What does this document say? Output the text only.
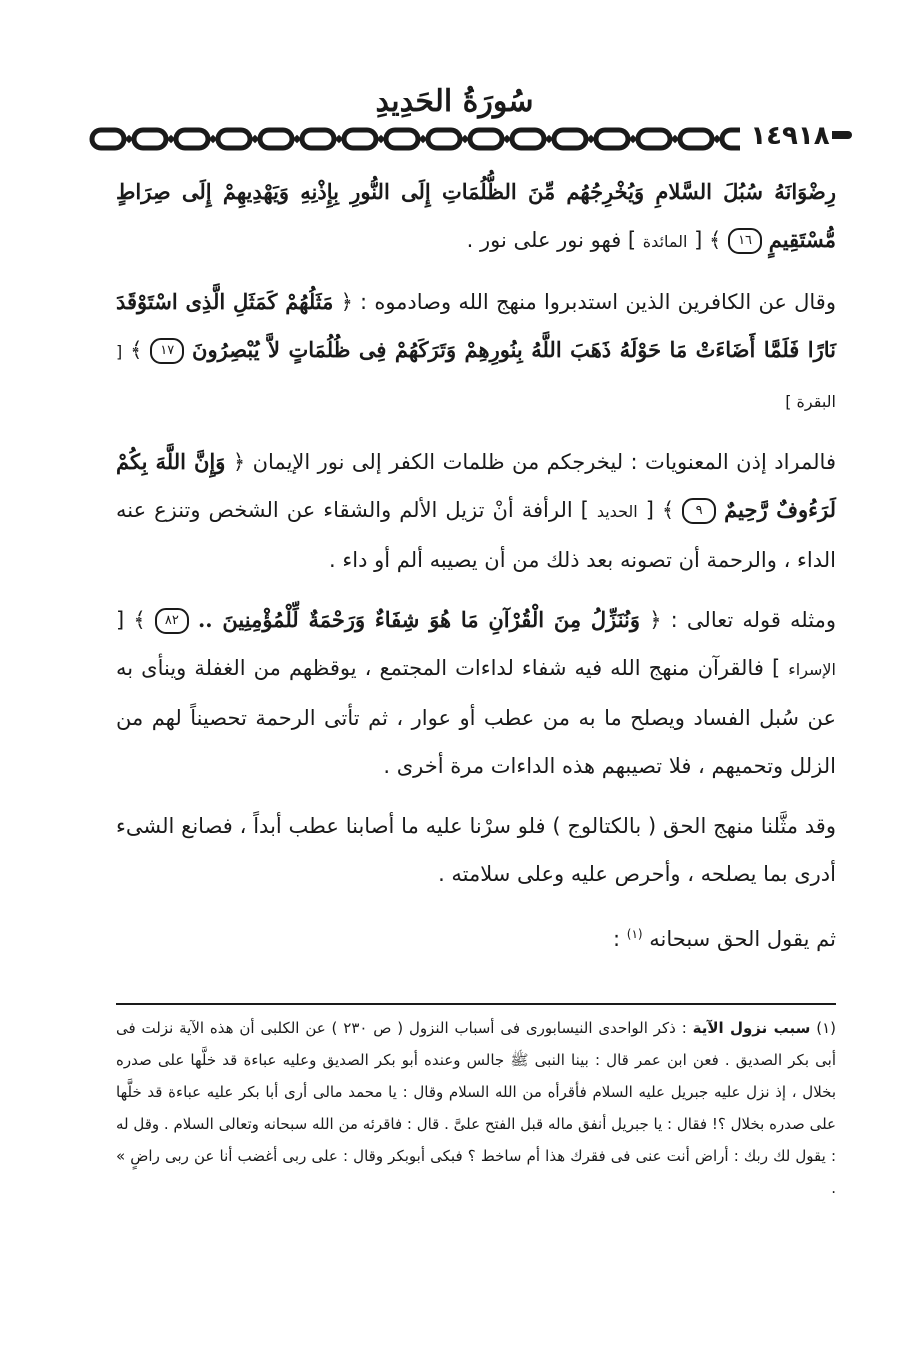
سُورَةُ الحَدِيدِ
١٤٩١٨

رِضْوَانَهُ سُبُلَ السَّلامِ وَيُخْرِجُهُم مِّنَ الظُّلُمَاتِ إِلَى النُّورِ بِإِذْنِهِ وَيَهْدِيهِمْ إِلَى صِرَاطٍ مُّسْتَقِيمٍ ١٦ ﴾ [ المائدة ] فهو نور على نور .

وقال عن الكافرين الذين استدبروا منهج الله وصادموه : ﴿ مَثَلُهُمْ كَمَثَلِ الَّذِى اسْتَوْقَدَ نَارًا فَلَمَّا أَضَاءَتْ مَا حَوْلَهُ ذَهَبَ اللَّهُ بِنُورِهِمْ وَتَرَكَهُمْ فِى ظُلُمَاتٍ لاَّ يُبْصِرُونَ ١٧ ﴾ [ البقرة ]

فالمراد إذن المعنويات : ليخرجكم من ظلمات الكفر إلى نور الإيمان ﴿ وَإِنَّ اللَّهَ بِكُمْ لَرَءُوفٌ رَّحِيمٌ ٩ ﴾ [ الحديد ] الرأفة أنْ تزيل الألم والشقاء عن الشخص وتنزع عنه الداء ، والرحمة أن تصونه بعد ذلك من أن يصيبه ألم أو داء .

ومثله قوله تعالى : ﴿ وَنُنَزِّلُ مِنَ الْقُرْآنِ مَا هُوَ شِفَاءٌ وَرَحْمَةٌ لِّلْمُؤْمِنِينَ .. ٨٢ ﴾ [ الإسراء ] فالقرآن منهج الله فيه شفاء لداءات المجتمع ، يوقظهم من الغفلة وينأى به عن سُبل الفساد ويصلح ما به من عطب أو عوار ، ثم تأتى الرحمة تحصيناً لهم من الزلل وتحميهم ، فلا تصيبهم هذه الداءات مرة أخرى .

وقد مثَّلنا منهج الحق ( بالكتالوج ) فلو سرْنا عليه ما أصابنا عطب أبداً ، فصانع الشىء أدرى بما يصلحه ، وأحرص عليه وعلى سلامته .

ثم يقول الحق سبحانه $^{(١)}$ :

(١) سبب نزول الآية : ذكر الواحدى النيسابورى فى أسباب النزول ( ص ٢٣٠ ) عن الكلبى أن هذه الآية نزلت فى أبى بكر الصديق . فعن ابن عمر قال : بينا النبى ﷺ جالس وعنده أبو بكر الصديق وعليه عباءة قد خلَّها على صدره بخلال ، إذ نزل عليه جبريل عليه السلام فأقرأه من الله السلام وقال : يا محمد مالى أرى أبا بكر عليه عباءة قد خلَّها على صدره بخلال ؟! فقال : يا جبريل أنفق ماله قبل الفتح علىَّ . قال : فاقرئه من الله سبحانه وتعالى السلام . وقل له : يقول لك ربك : أراض أنت عنى فى فقرك هذا أم ساخط ؟ فبكى أبوبكر وقال : على ربى أغضب أنا عن ربى راضٍ » .
